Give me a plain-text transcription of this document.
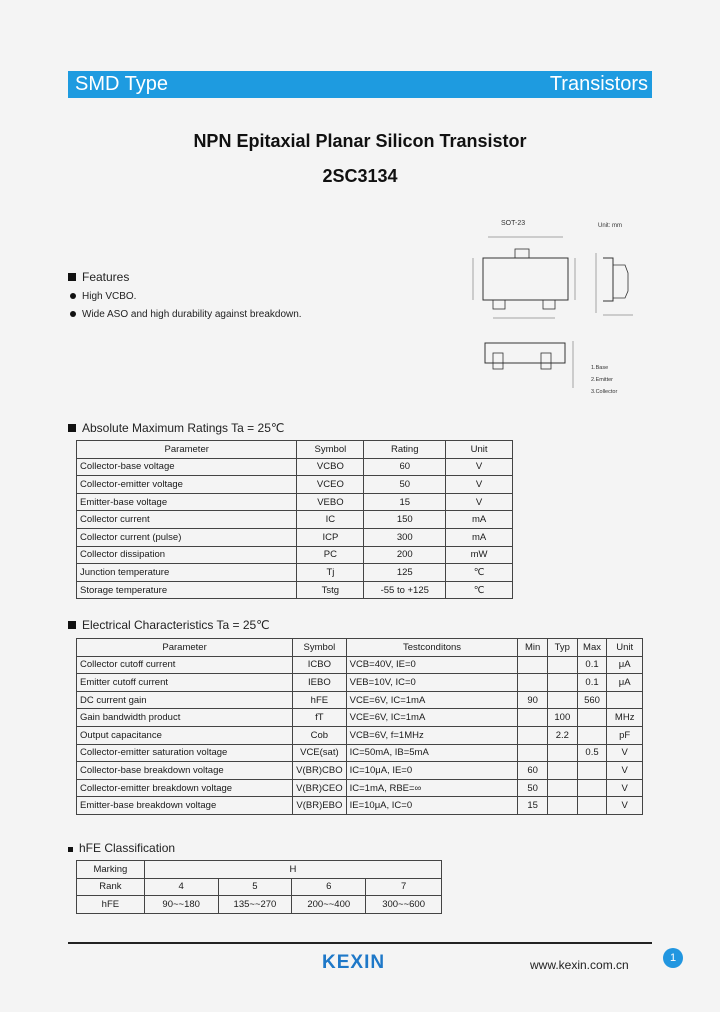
SMD Type	Transistors
NPN Epitaxial Planar Silicon Transistor
2SC3134
SOT-23	Unit: mm
1.Base
2.Emitter
3.Collector
Features
High VCBO.
Wide ASO and high durability against breakdown.
Absolute Maximum Ratings Ta = 25℃
Parameter	Symbol	Rating	Unit
Collector-base voltage	VCBO	60	V
Collector-emitter voltage	VCEO	50	V
Emitter-base voltage	VEBO	15	V
Collector current	IC	150	mA
Collector current (pulse)	ICP	300	mA
Collector dissipation	PC	200	mW
Junction temperature	Tj	125	℃
Storage temperature	Tstg	-55 to +125	℃
Electrical Characteristics Ta = 25℃
Parameter	Symbol	Testconditons	Min	Typ	Max	Unit
Collector cutoff current	ICBO	VCB=40V, IE=0			0.1	μA
Emitter cutoff current	IEBO	VEB=10V, IC=0			0.1	μA
DC current gain	hFE	VCE=6V, IC=1mA	90		560	
Gain bandwidth product	fT	VCE=6V, IC=1mA		100		MHz
Output capacitance	Cob	VCB=6V, f=1MHz		2.2		pF
Collector-emitter saturation voltage	VCE(sat)	IC=50mA, IB=5mA			0.5	V
Collector-base breakdown voltage	V(BR)CBO	IC=10μA, IE=0	60			V
Collector-emitter breakdown voltage	V(BR)CEO	IC=1mA, RBE=∞	50			V
Emitter-base breakdown voltage	V(BR)EBO	IE=10μA, IC=0	15			V
hFE Classification
Marking	H			
Rank	4	5	6	7
hFE	90~~180	135~~270	200~~400	300~~600
KEXIN	www.kexin.com.cn	1
